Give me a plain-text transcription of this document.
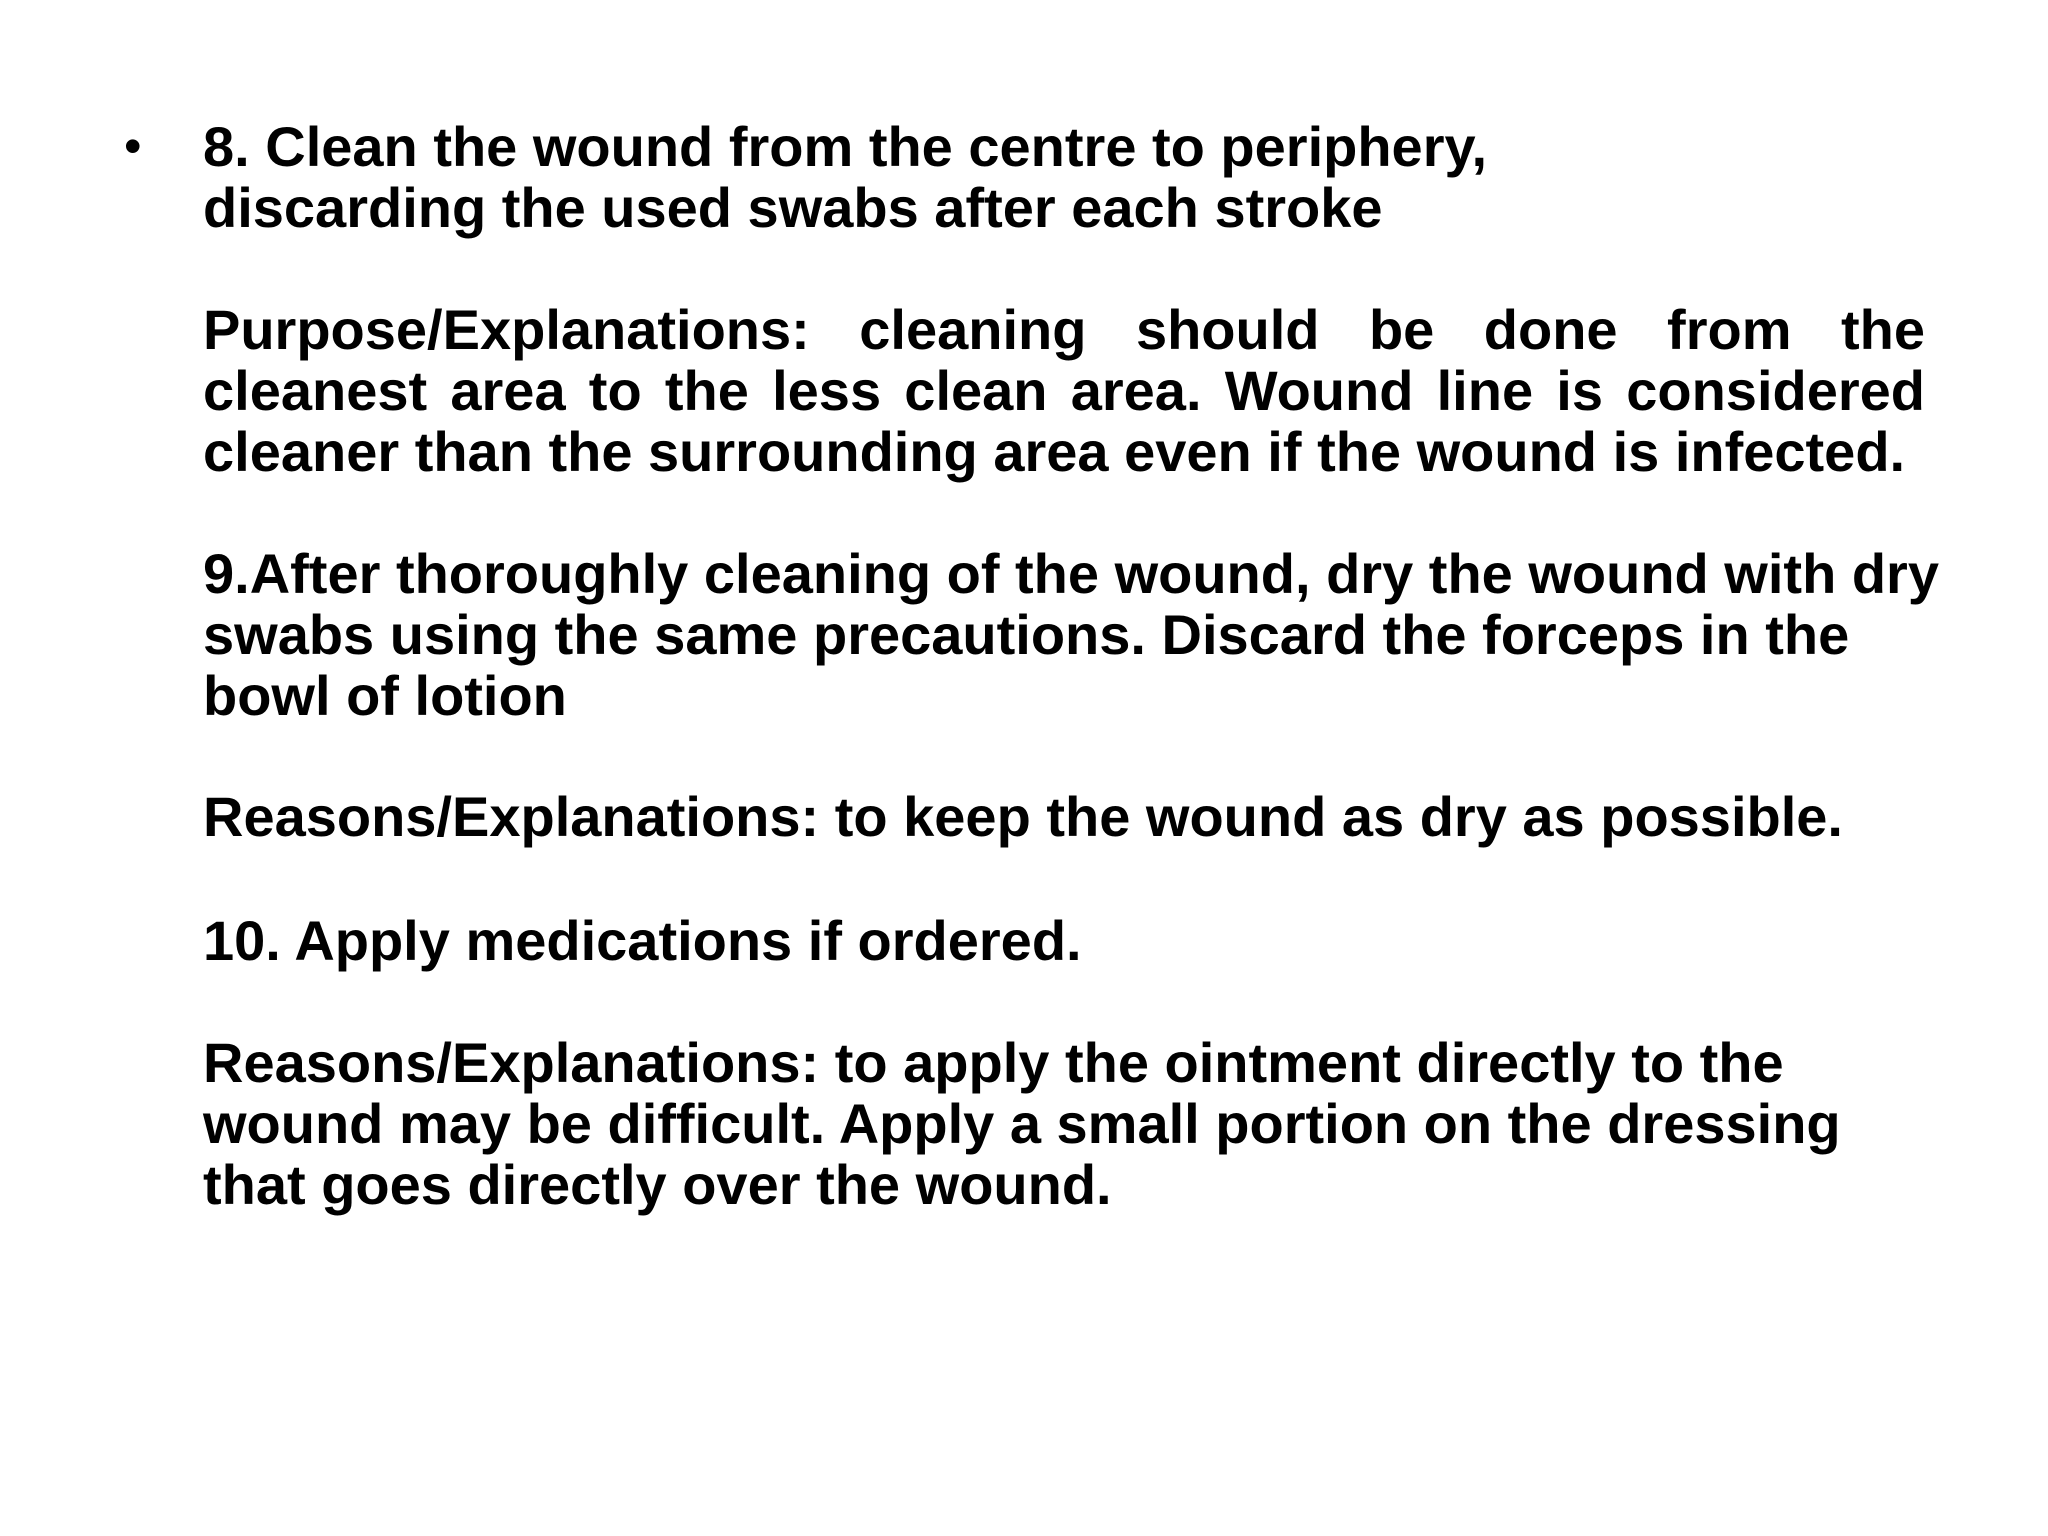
• 8. Clean the wound from the centre to periphery, discarding the used swabs after each stroke

Purpose/Explanations: cleaning should be done from the cleanest area to the less clean area. Wound line is considered cleaner than the surrounding area even if the wound is infected.

9.After thoroughly cleaning of the wound, dry the wound with dry swabs using the same precautions. Discard the forceps in the bowl of lotion

Reasons/Explanations: to keep the wound as dry as possible.

10. Apply medications if ordered.

Reasons/Explanations: to apply the ointment directly to the wound may be difficult. Apply a small portion on the dressing that goes directly over the wound.
